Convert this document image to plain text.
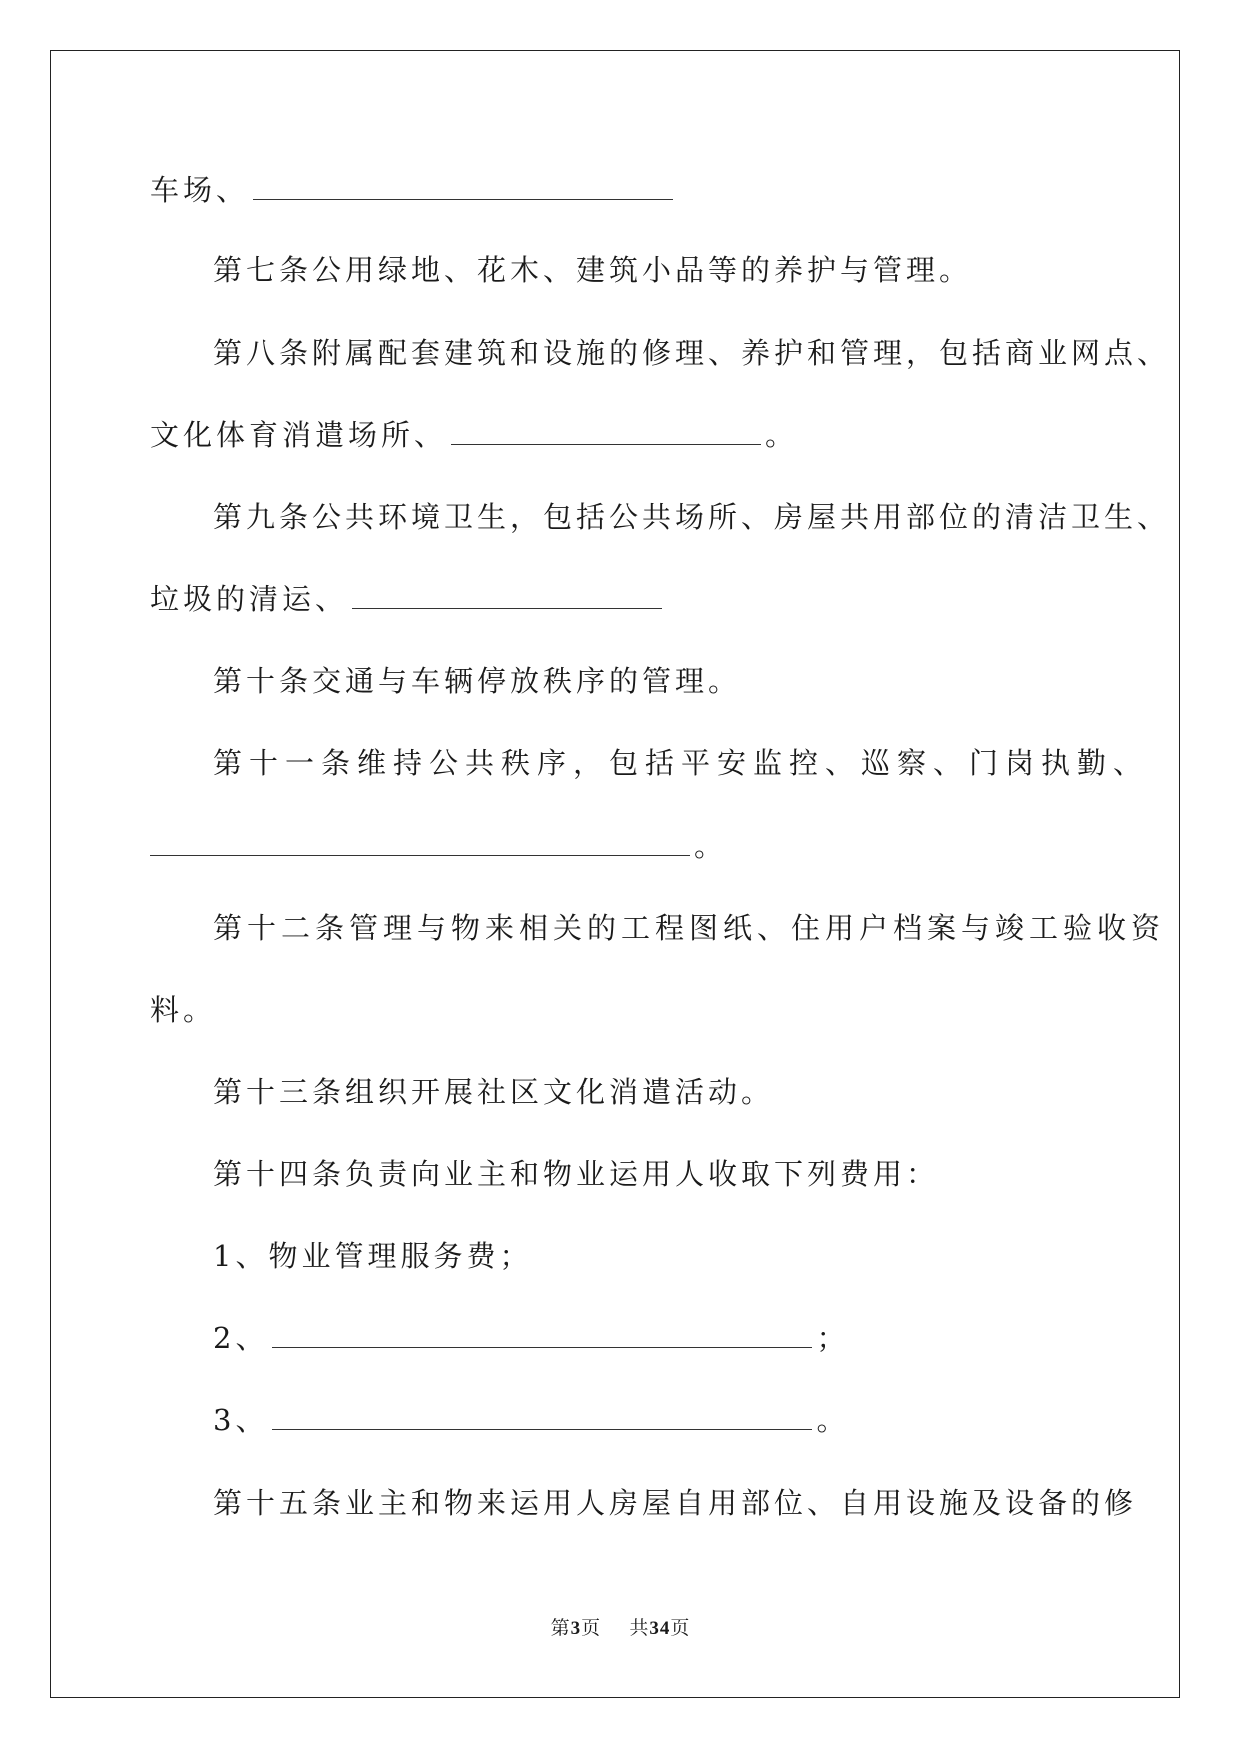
车场、
第七条公用绿地、花木、建筑小品等的养护与管理。
第八条附属配套建筑和设施的修理、养护和管理，包括商业网点、
文化体育消遣场所、	。
第九条公共环境卫生，包括公共场所、房屋共用部位的清洁卫生、
垃圾的清运、
第十条交通与车辆停放秩序的管理。
第十一条维持公共秩序，包括平安监控、巡察、门岗执勤、
。
第十二条管理与物来相关的工程图纸、住用户档案与竣工验收资
料。
第十三条组织开展社区文化消遣活动。
第十四条负责向业主和物业运用人收取下列费用：
1、物业管理服务费；
2、	；
3、	。
第十五条业主和物来运用人房屋自用部位、自用设施及设备的修
第3页 共34页
